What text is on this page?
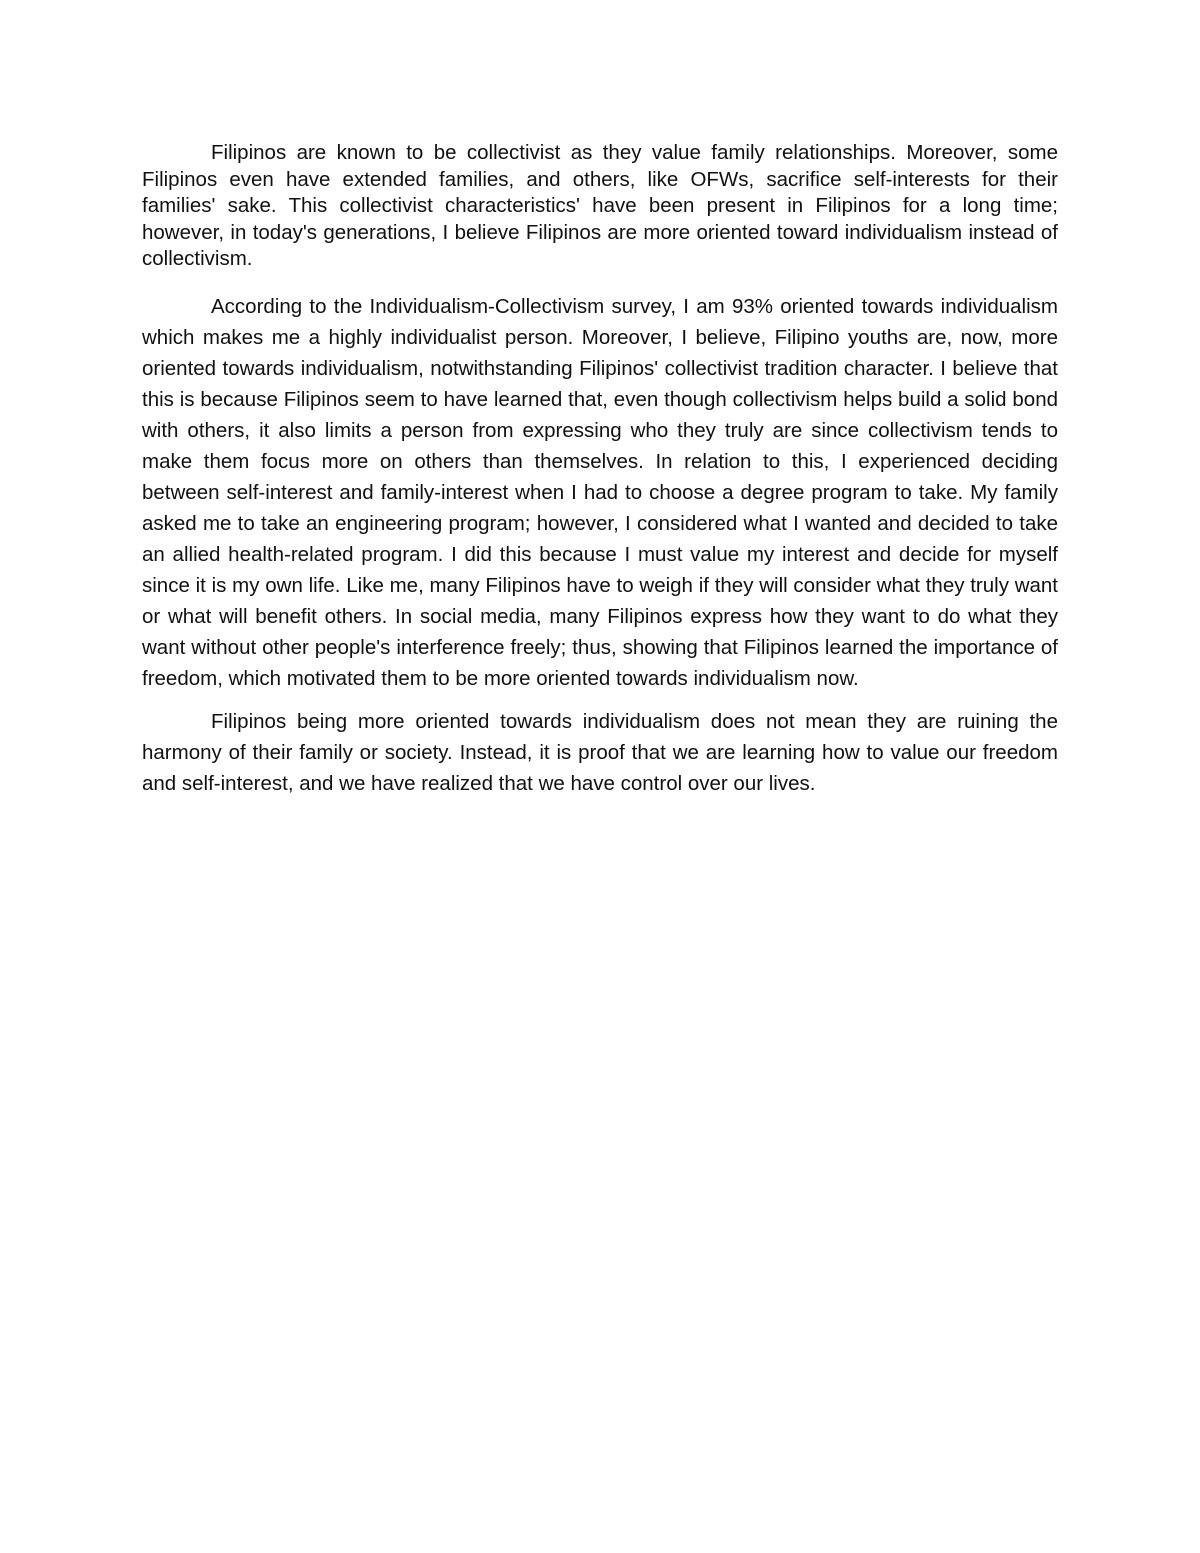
Filipinos are known to be collectivist as they value family relationships. Moreover, some Filipinos even have extended families, and others, like OFWs, sacrifice self-interests for their families' sake. This collectivist characteristics' have been present in Filipinos for a long time; however, in today's generations, I believe Filipinos are more oriented toward individualism instead of collectivism.

According to the Individualism-Collectivism survey, I am 93% oriented towards individualism which makes me a highly individualist person. Moreover, I believe, Filipino youths are, now, more oriented towards individualism, notwithstanding Filipinos' collectivist tradition character. I believe that this is because Filipinos seem to have learned that, even though collectivism helps build a solid bond with others, it also limits a person from expressing who they truly are since collectivism tends to make them focus more on others than themselves. In relation to this, I experienced deciding between self-interest and family-interest when I had to choose a degree program to take. My family asked me to take an engineering program; however, I considered what I wanted and decided to take an allied health-related program. I did this because I must value my interest and decide for myself since it is my own life. Like me, many Filipinos have to weigh if they will consider what they truly want or what will benefit others. In social media, many Filipinos express how they want to do what they want without other people's interference freely; thus, showing that Filipinos learned the importance of freedom, which motivated them to be more oriented towards individualism now.

Filipinos being more oriented towards individualism does not mean they are ruining the harmony of their family or society. Instead, it is proof that we are learning how to value our freedom and self-interest, and we have realized that we have control over our lives.
